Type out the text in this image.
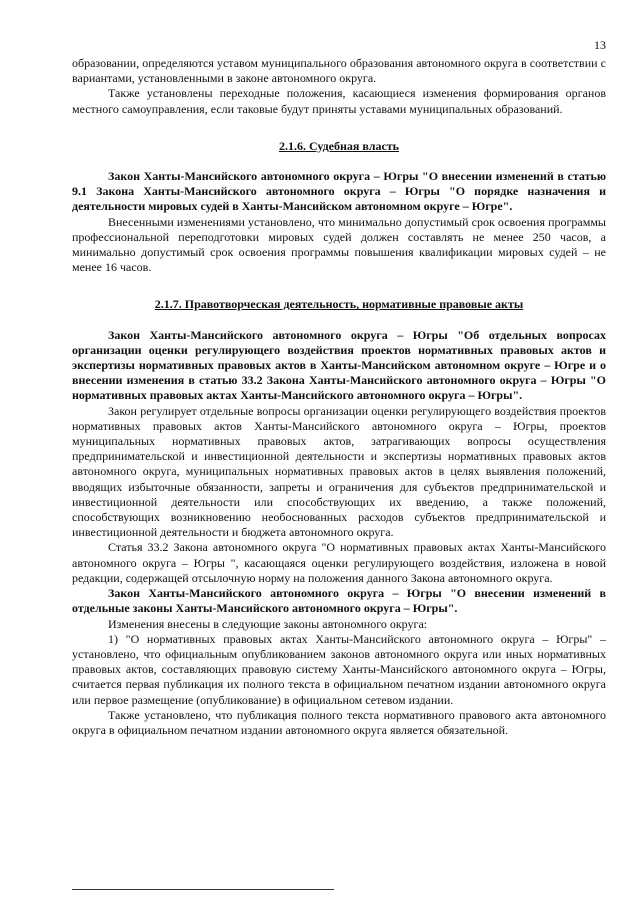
13

образовании, определяются уставом муниципального образования автономного округа в соответствии с вариантами, установленными в законе автономного округа.

Также установлены переходные положения, касающиеся изменения формирования органов местного самоуправления, если таковые будут приняты уставами муниципальных образований.

2.1.6. Судебная власть

Закон Ханты-Мансийского автономного округа – Югры "О внесении изменений в статью 9.1 Закона Ханты-Мансийского автономного округа – Югры "О порядке назначения и деятельности мировых судей в Ханты-Мансийском автономном округе – Югре".

Внесенными изменениями установлено, что минимально допустимый срок освоения программы профессиональной переподготовки мировых судей должен составлять не менее 250 часов, а минимально допустимый срок освоения программы повышения квалификации мировых судей – не менее 16 часов.

2.1.7. Правотворческая деятельность, нормативные правовые акты

Закон Ханты-Мансийского автономного округа – Югры "Об отдельных вопросах организации оценки регулирующего воздействия проектов нормативных правовых актов и экспертизы нормативных правовых актов в Ханты-Мансийском автономном округе – Югре и о внесении изменения в статью 33.2 Закона Ханты-Мансийского автономного округа – Югры "О нормативных правовых актах Ханты-Мансийского автономного округа – Югры".

Закон регулирует отдельные вопросы организации оценки регулирующего воздействия проектов нормативных правовых актов Ханты-Мансийского автономного округа – Югры, проектов муниципальных нормативных правовых актов, затрагивающих вопросы осуществления предпринимательской и инвестиционной деятельности и экспертизы нормативных правовых актов автономного округа, муниципальных нормативных правовых актов в целях выявления положений, вводящих избыточные обязанности, запреты и ограничения для субъектов предпринимательской и инвестиционной деятельности или способствующих их введению, а также положений, способствующих возникновению необоснованных расходов субъектов предпринимательской и инвестиционной деятельности и бюджета автономного округа.

Статья 33.2 Закона автономного округа "О нормативных правовых актах Ханты-Мансийского автономного округа – Югры ", касающаяся оценки регулирующего воздействия, изложена в новой редакции, содержащей отсылочную норму на положения данного Закона автономного округа.

Закон Ханты-Мансийского автономного округа – Югры "О внесении изменений в отдельные законы Ханты-Мансийского автономного округа – Югры".

Изменения внесены в следующие законы автономного округа:

1) "О нормативных правовых актах Ханты-Мансийского автономного округа – Югры" – установлено, что официальным опубликованием законов автономного округа или иных нормативных правовых актов, составляющих правовую систему Ханты-Мансийского автономного округа – Югры, считается первая публикация их полного текста в официальном печатном издании автономного округа или первое размещение (опубликование) в официальном сетевом издании.

Также установлено, что публикация полного текста нормативного правового акта автономного округа в официальном печатном издании автономного округа является обязательной.
